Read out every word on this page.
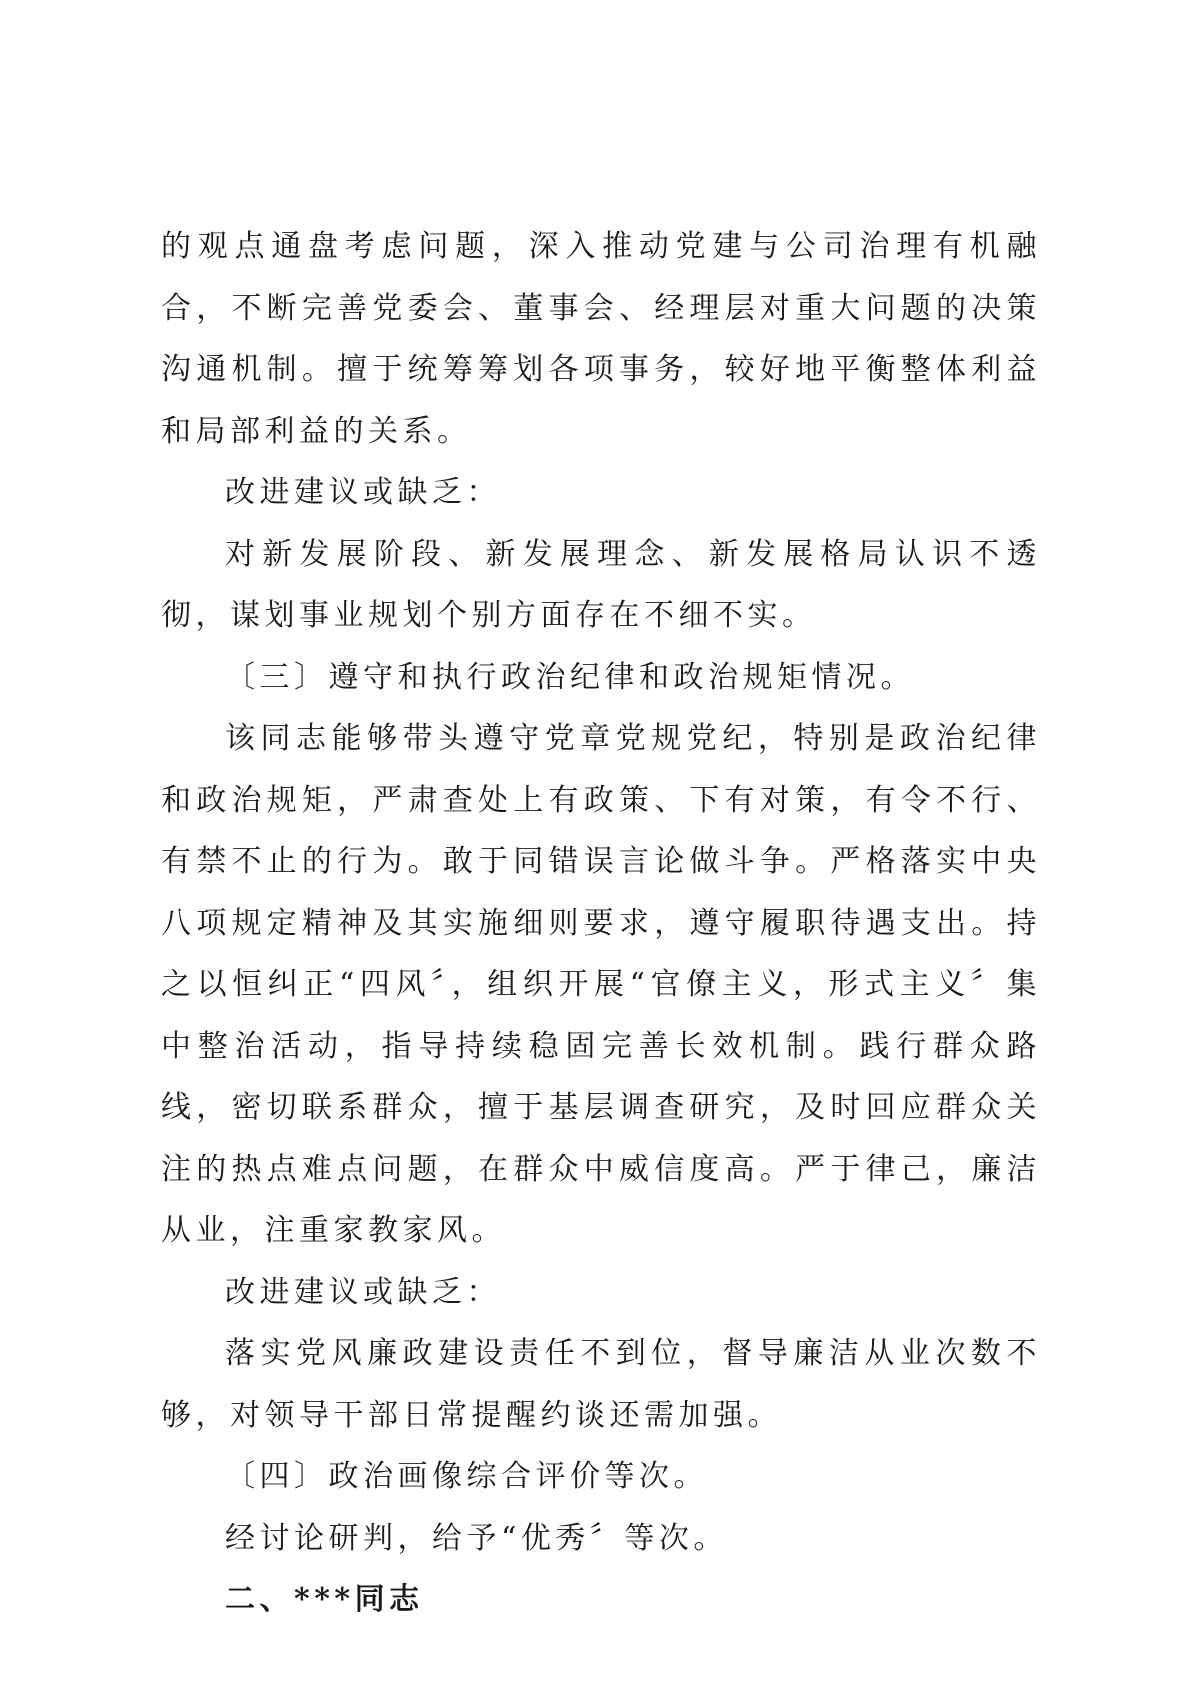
的观点通盘考虑问题，深入推动党建与公司治理有机融合，不断完善党委会、董事会、经理层对重大问题的决策沟通机制。擅于统筹筹划各项事务，较好地平衡整体利益和局部利益的关系。

改进建议或缺乏：

对新发展阶段、新发展理念、新发展格局认识不透彻，谋划事业规划个别方面存在不细不实。

〔三〕遵守和执行政治纪律和政治规矩情况。

该同志能够带头遵守党章党规党纪，特别是政治纪律和政治规矩，严肃查处上有政策、下有对策，有令不行、有禁不止的行为。敢于同错误言论做斗争。严格落实中央八项规定精神及其实施细则要求，遵守履职待遇支出。持之以恒纠正“四风〞，组织开展“官僚主义，形式主义〞集中整治活动，指导持续稳固完善长效机制。践行群众路线，密切联系群众，擅于基层调查研究，及时回应群众关注的热点难点问题，在群众中威信度高。严于律己，廉洁从业，注重家教家风。

改进建议或缺乏：

落实党风廉政建设责任不到位，督导廉洁从业次数不够，对领导干部日常提醒约谈还需加强。

〔四〕政治画像综合评价等次。

经讨论研判，给予“优秀〞等次。

二、***同志
